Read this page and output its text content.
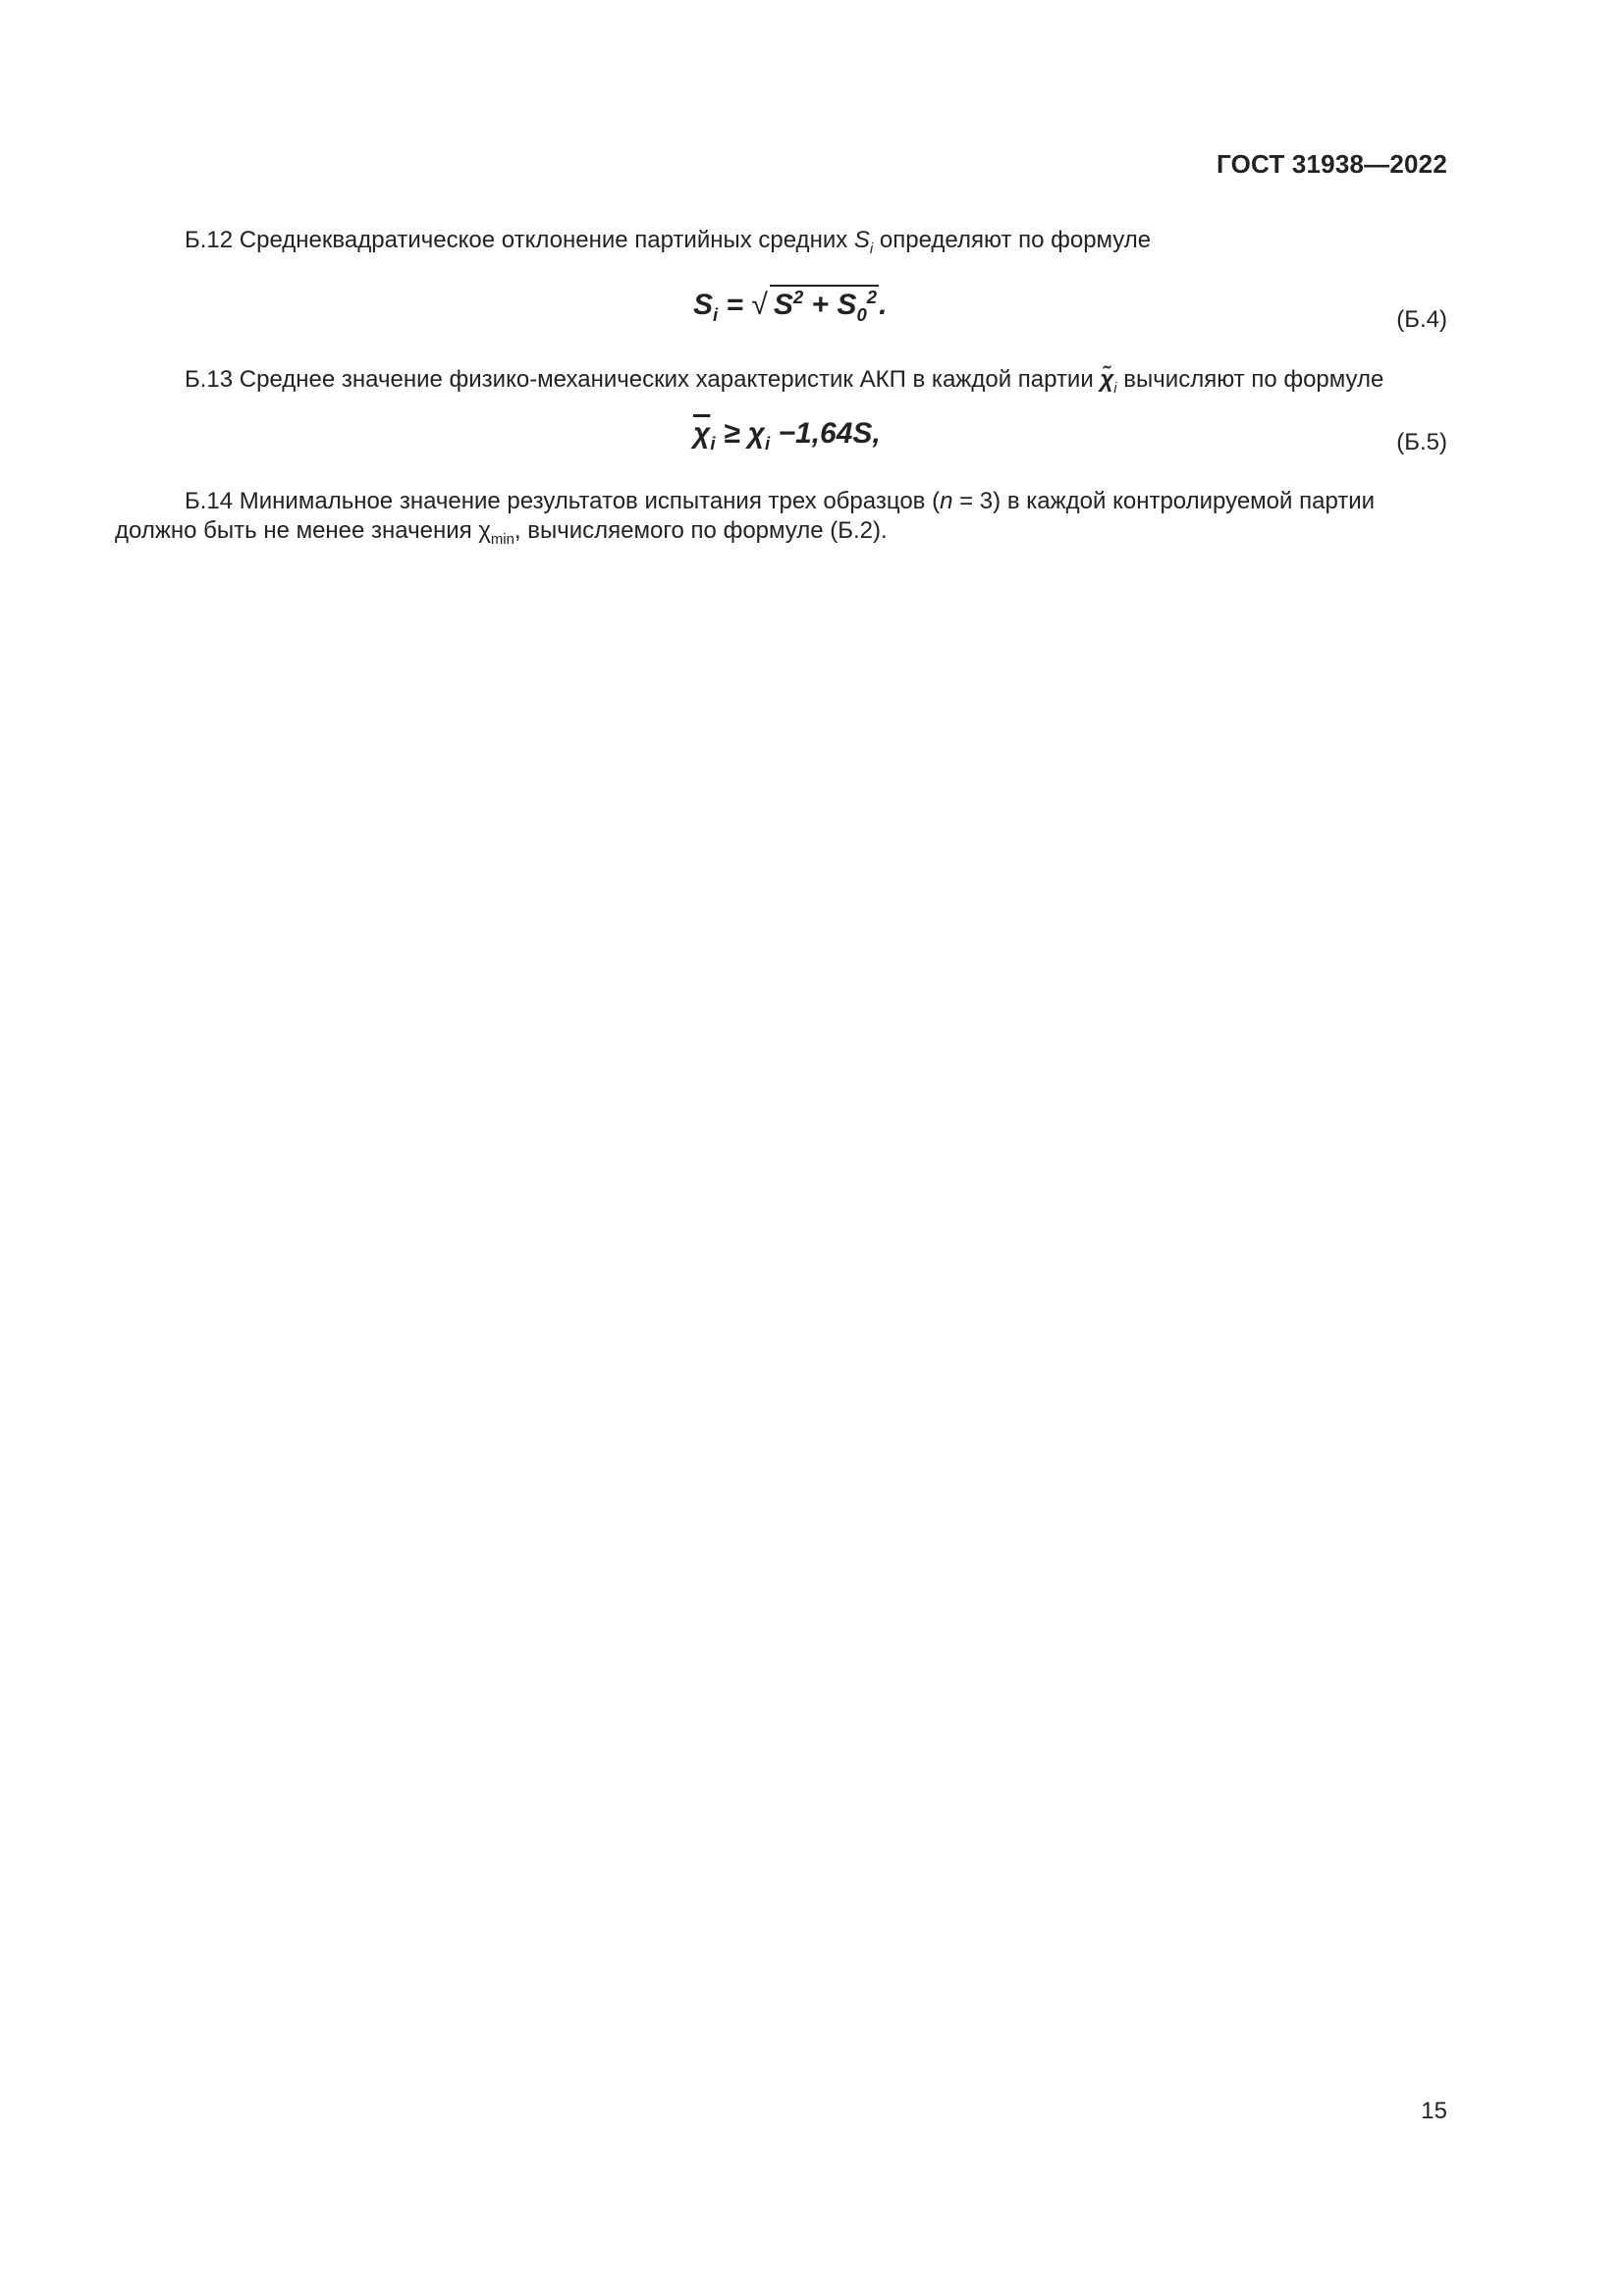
ГОСТ 31938—2022
Б.12 Среднеквадратическое отклонение партийных средних $S_i$ определяют по формуле
$S_i$ = √ $S^2 + S_0^2$.	(Б.4)
Б.13 Среднее значение физико-механических характеристик АКП в каждой партии $\chĩ_i$ вычисляют по формуле
$\overline{\chi}_i \ge \chi_i -1,64S$,	(Б.5)
Б.14 Минимальное значение результатов испытания трех образцов (n = 3) в каждой контролируемой партии
должно быть не менее значения $\chi_{min}$, вычисляемого по формуле (Б.2).
15
